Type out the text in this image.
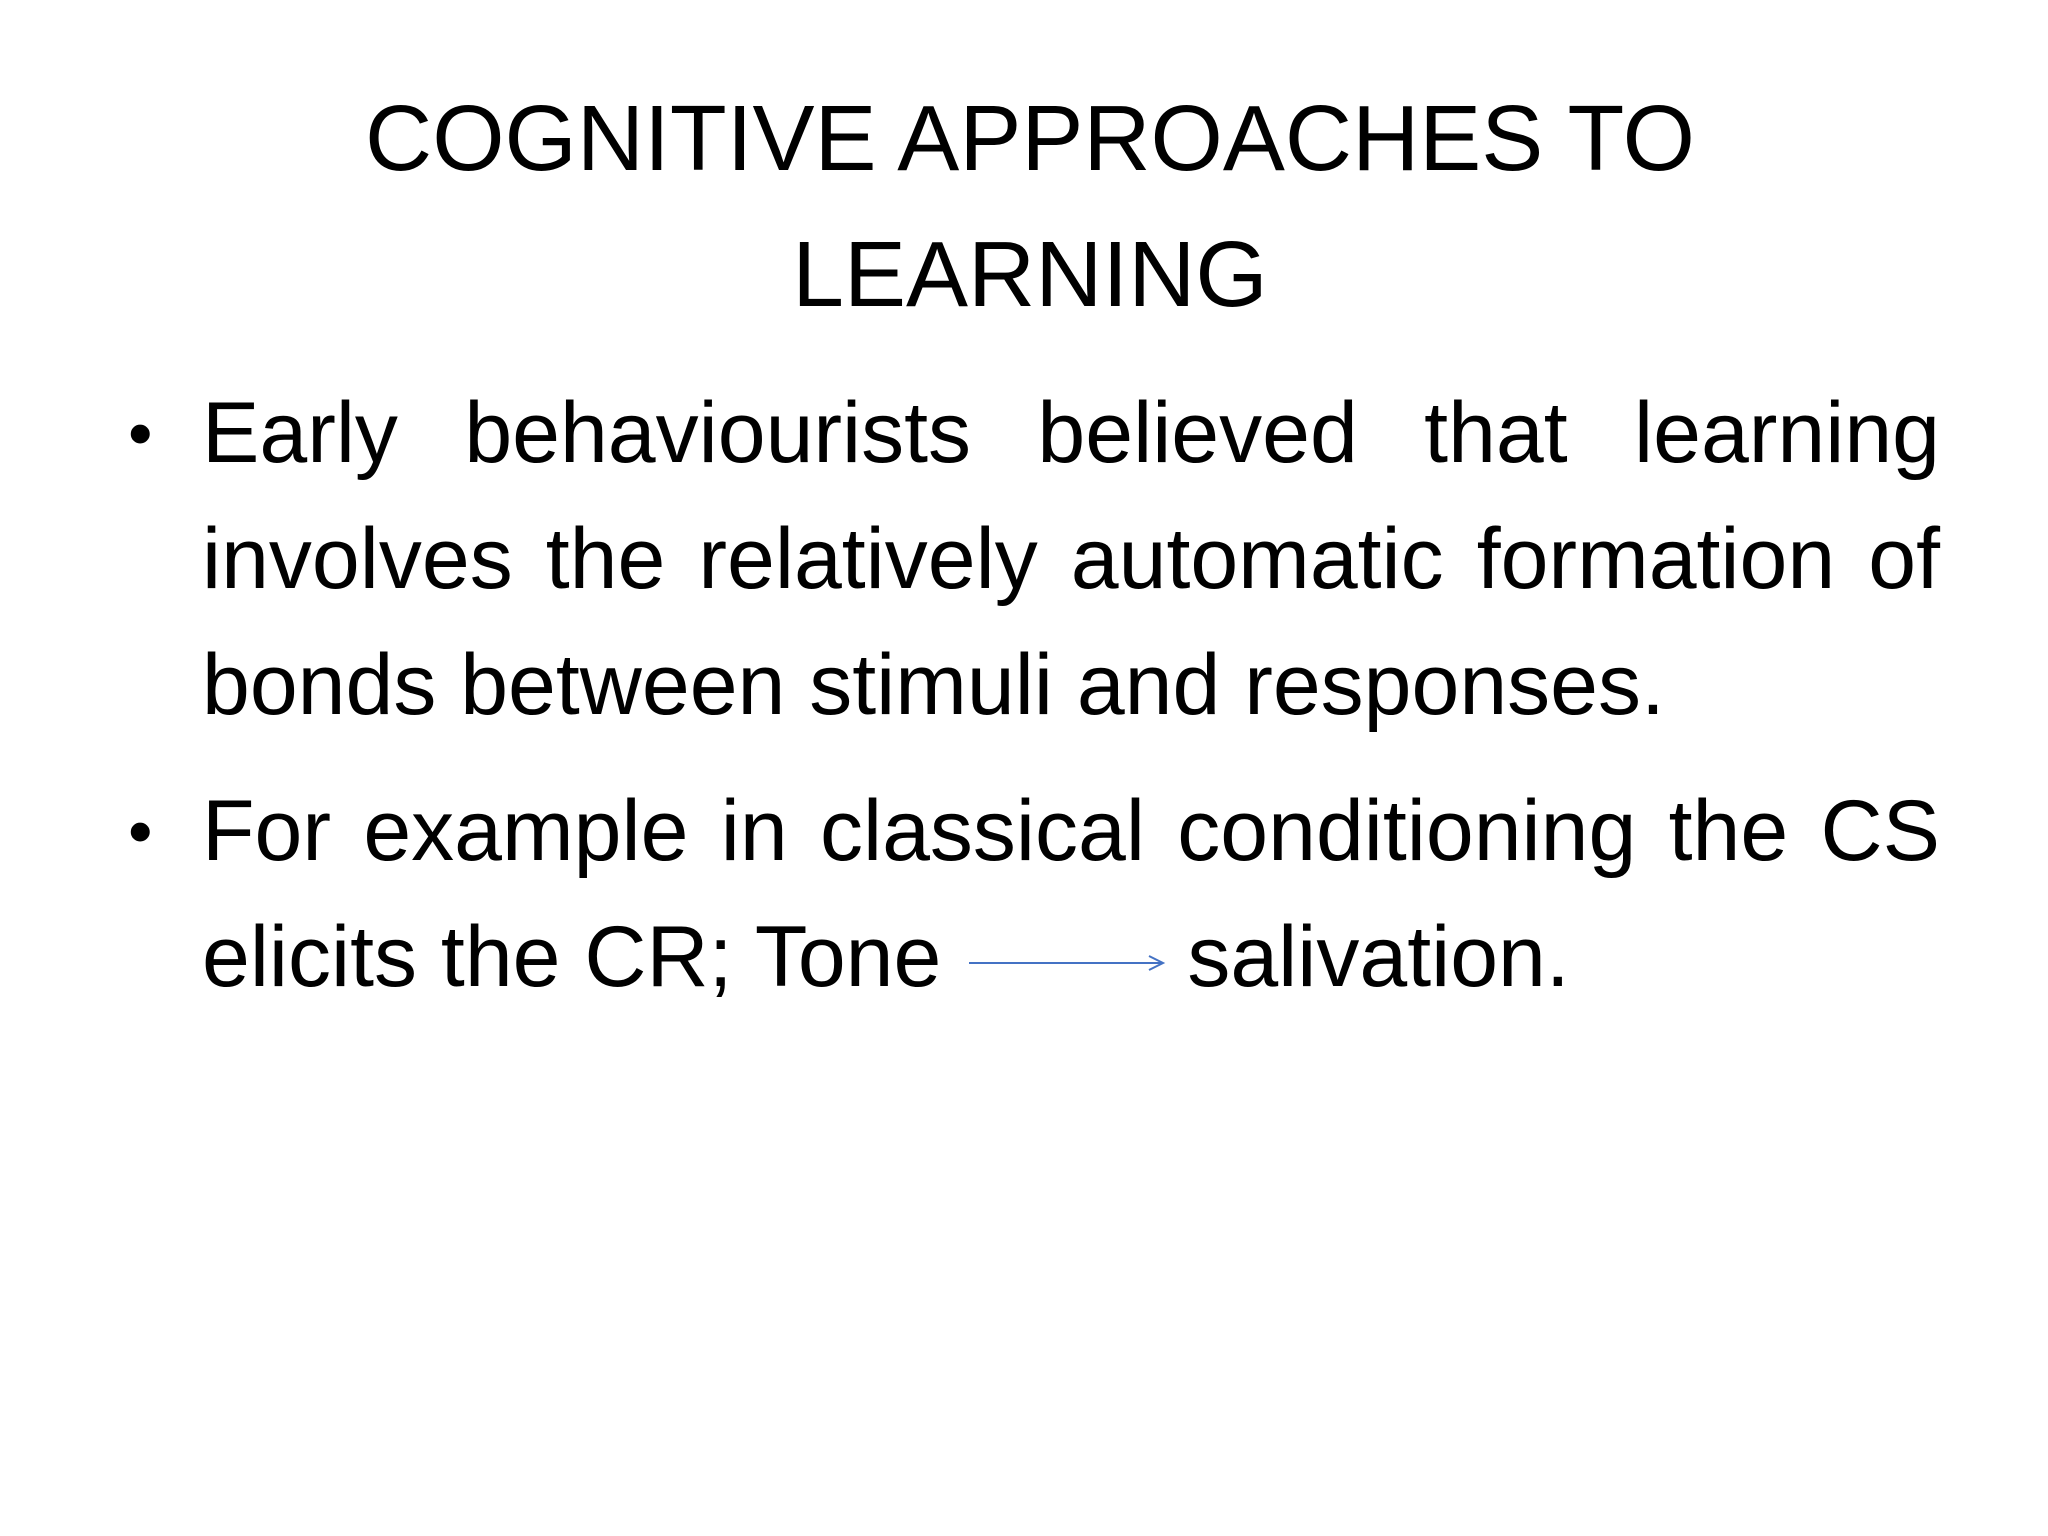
COGNITIVE APPROACHES TO
LEARNING
• Early behaviourists believed that learning involves the relatively automatic formation of bonds between stimuli and responses.
• For example in classical conditioning the CS elicits the CR; Tone	salivation.
